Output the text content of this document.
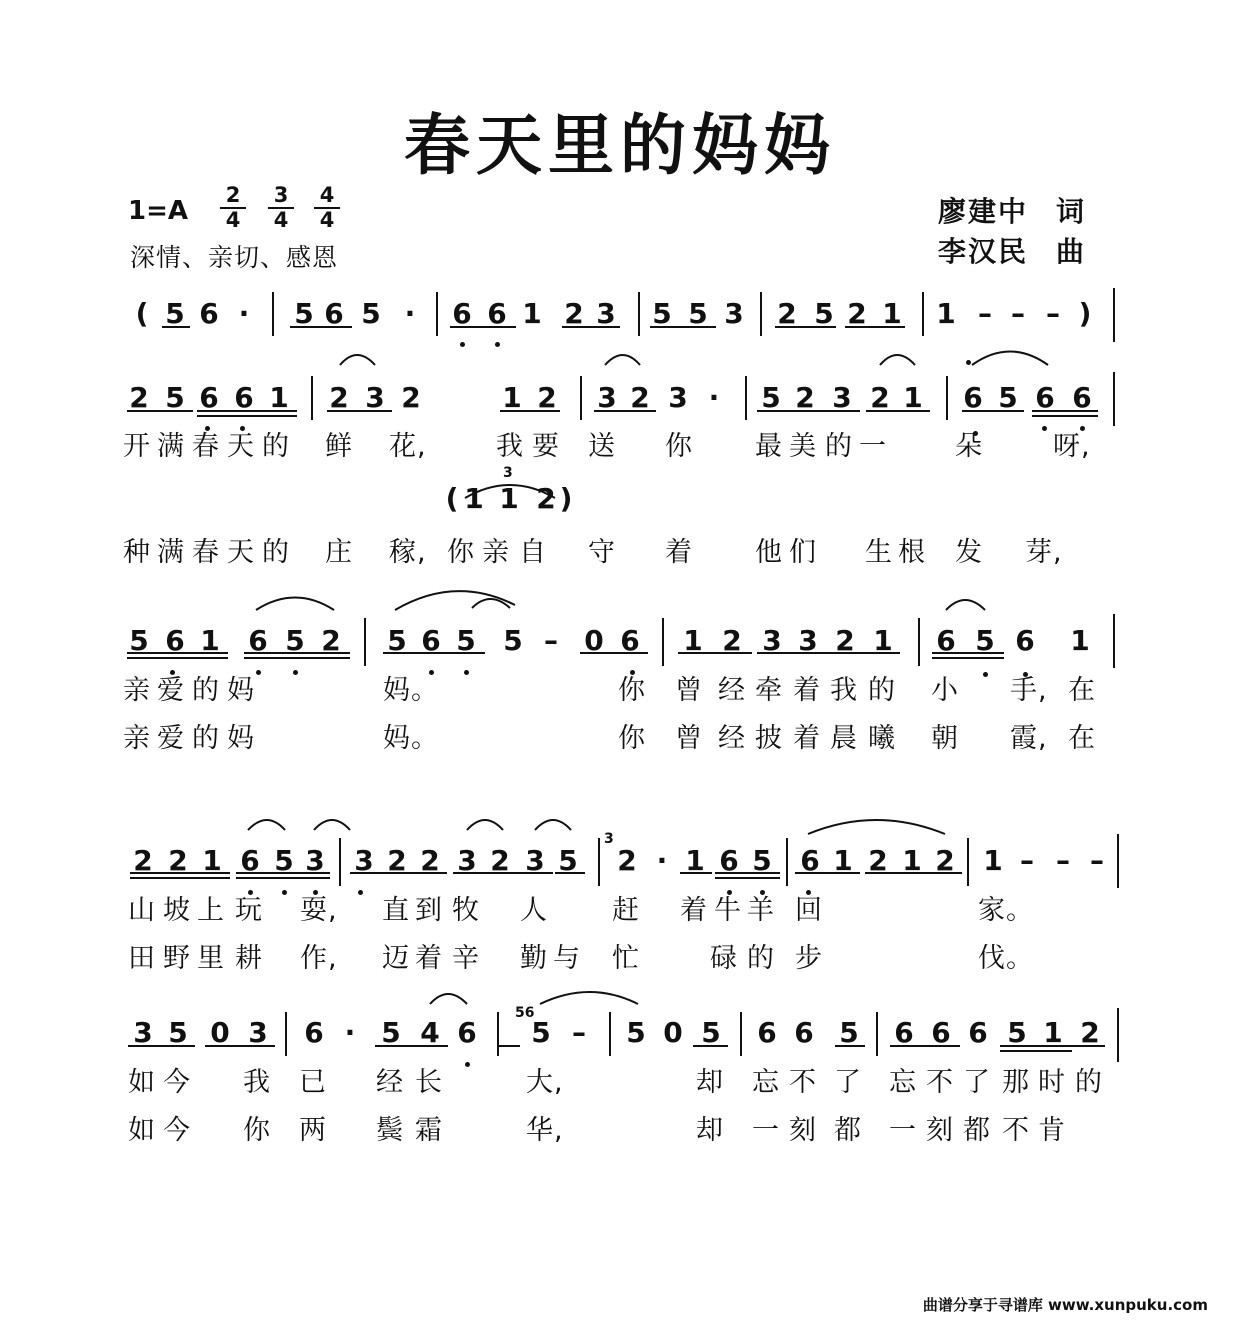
春天里的妈妈
1=A
2
4
3
4
4
4
深情、亲切、感恩
廖建中 词
李汉民 曲
( 5 6 ·	5 6 5 ·	6 6 1 2 3 5 5 3 2 5 2 1 1 – – – )
2 5 6 6 1 2 3 2	1 2 3 2 3 ·	5 2 3 2 1 6 5 6 6
5 6 1 6 5 2 5 6 5 5 – 0 6 1 2 3 3 2 1 6 5 6 1
2 2 1 6 5 3 3 2 2 3 2 3 5 2 · 1 6 5 6 1 2 1 2 1 – – –
3 5 0 3 6 · 5 4 6 5 – 5 0 5 6 6 5 6 6 6 5 1 2
( 1 1 2 )
开 满 春 天 的 鲜 花,	我 要 送 你 最 美 的 一	朵	呀,
种 满 春 天 的 庄 稼, 你 亲 自 守 着 他 们 生 根 发 芽,
亲 爱 的 妈	妈。	你 曾 经 牵 着 我 的 小 手, 在
亲 爱 的 妈	妈。	你 曾 经 披 着 晨 曦 朝 霞, 在
山 坡 上 玩 耍, 直 到 牧 人 赶 着 牛 羊 回	家。
田 野 里 耕 作, 迈 着 辛 勤 与 忙	碌 的 步	伐。
如 今 我 已 经 长	大,	却 忘 不 了 忘 不 了 那 时 的
如 今 你 两 鬓 霜	华,	却 一 刻 都 一 刻 都 不 肯
3
3
56
曲谱分享于寻谱库 www.xunpuku.com
